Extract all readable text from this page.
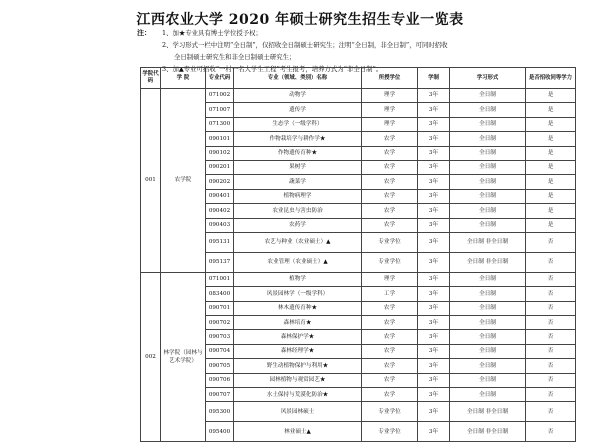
江西农业大学 2020 年硕士研究生招生专业一览表
注：	1、加★专业具有博士学位授予权；
2、学习形式一栏中注明“全日制”，仅招收全日制硕士研究生；注明“全日制，非全日制”，可同时招收
全日制硕士研究生和非全日制硕士研究生；
3、加▲专业可招收“一村一名大学生工程”考生报考，培养方式为“非全日制”。
学院代码	学 院	专业代码	专业（领域、类别）名称	所授学位	学制	学习形式	是否招收同等学力
001	农学院	071002	动物学	理学	3年	全日制	是
		071007	遗传学	理学	3年	全日制	是
		071300	生态学（一级学科）	理学	3年	全日制	是
		090101	作物栽培学与耕作学★	农学	3年	全日制	是
		090102	作物遗传育种★	农学	3年	全日制	是
		090201	果树学	农学	3年	全日制	是
		090202	蔬菜学	农学	3年	全日制	是
		090401	植物病理学	农学	3年	全日制	是
		090402	农业昆虫与害虫防治	农学	3年	全日制	是
		090403	农药学	农学	3年	全日制	是
		095131	农艺与种业（农业硕士）▲	专业学位	3年	全日制 非全日制	否
		095137	农业管理（农业硕士）▲	专业学位	3年	全日制 非全日制	否
002	林学院（园林与艺术学院）	071001	植物学	理学	3年	全日制	否
		083400	风景园林学（一级学科）	工学	3年	全日制	否
		090701	林木遗传育种★	农学	3年	全日制	否
		090702	森林培育★	农学	3年	全日制	否
		090703	森林保护学★	农学	3年	全日制	否
		090704	森林经理学★	农学	3年	全日制	否
		090705	野生动植物保护与利用★	农学	3年	全日制	否
		090706	园林植物与观赏园艺★	农学	3年	全日制	否
		090707	水土保持与荒漠化防治★	农学	3年	全日制	否
		095300	风景园林硕士	专业学位	3年	全日制 非全日制	否
		095400	林业硕士▲	专业学位	3年	全日制 非全日制	否
